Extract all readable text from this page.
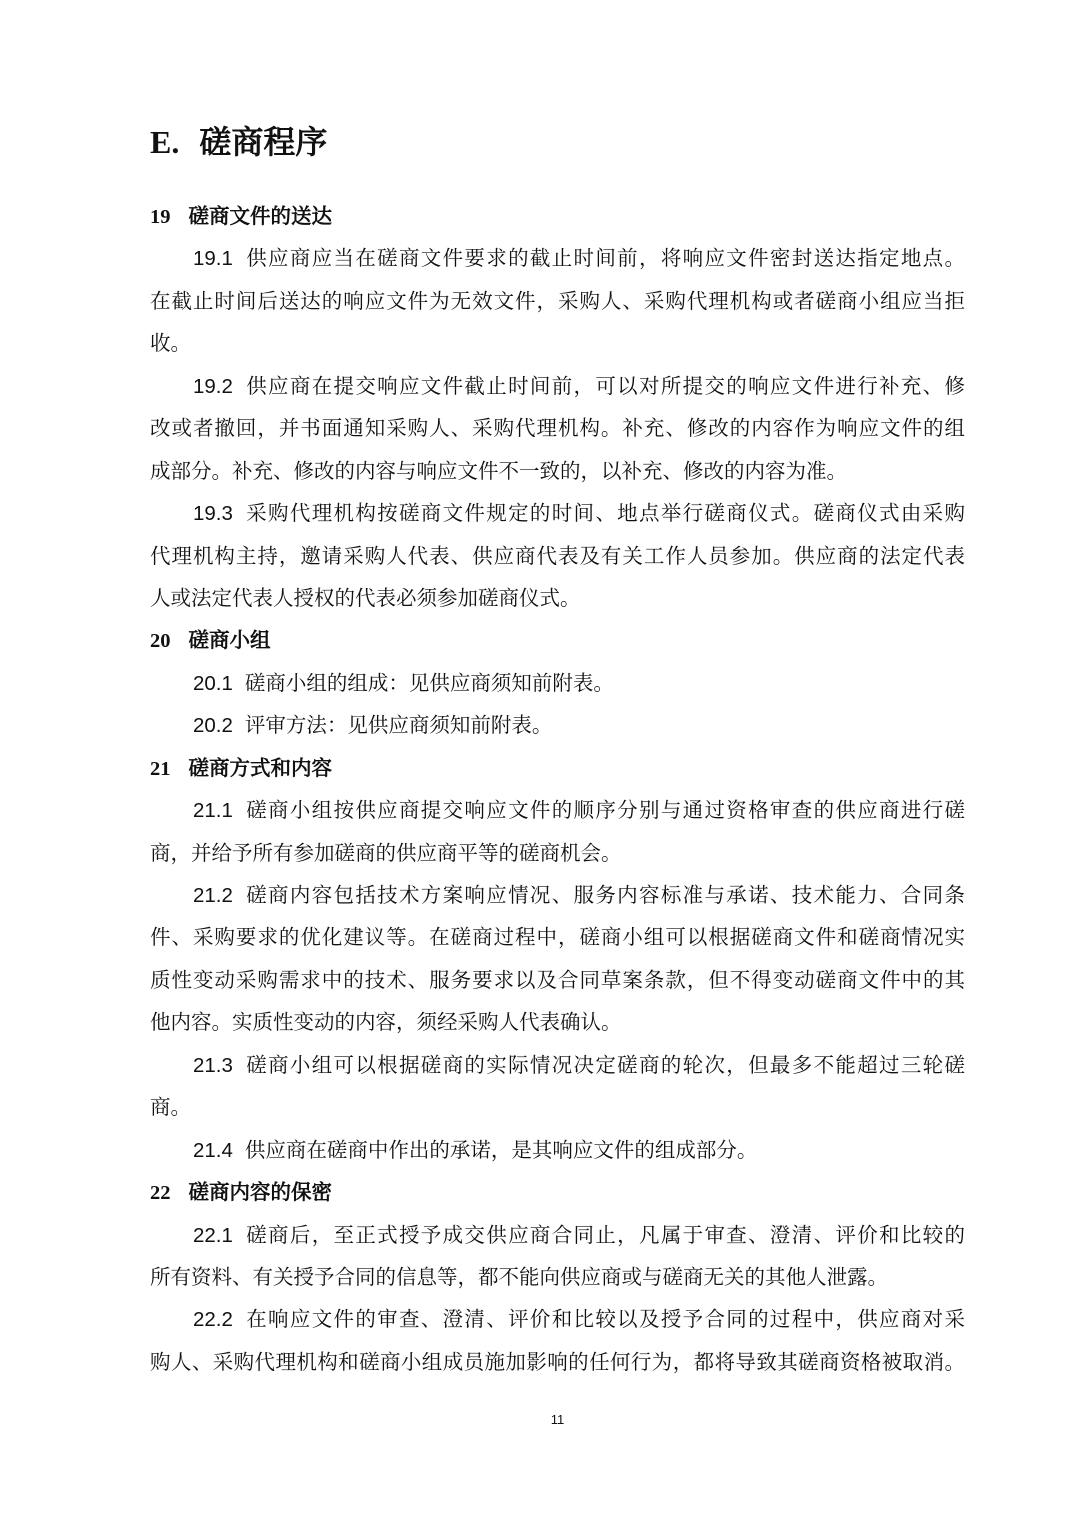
E. 磋商程序
19 磋商文件的送达
19.1 供应商应当在磋商文件要求的截止时间前，将响应文件密封送达指定地点。
在截止时间后送达的响应文件为无效文件，采购人、采购代理机构或者磋商小组应当拒
收。
19.2 供应商在提交响应文件截止时间前，可以对所提交的响应文件进行补充、修
改或者撤回，并书面通知采购人、采购代理机构。补充、修改的内容作为响应文件的组
成部分。补充、修改的内容与响应文件不一致的，以补充、修改的内容为准。
19.3 采购代理机构按磋商文件规定的时间、地点举行磋商仪式。磋商仪式由采购
代理机构主持，邀请采购人代表、供应商代表及有关工作人员参加。供应商的法定代表
人或法定代表人授权的代表必须参加磋商仪式。
20 磋商小组
20.1 磋商小组的组成：见供应商须知前附表。
20.2 评审方法：见供应商须知前附表。
21 磋商方式和内容
21.1 磋商小组按供应商提交响应文件的顺序分别与通过资格审查的供应商进行磋
商，并给予所有参加磋商的供应商平等的磋商机会。
21.2 磋商内容包括技术方案响应情况、服务内容标准与承诺、技术能力、合同条
件、采购要求的优化建议等。在磋商过程中，磋商小组可以根据磋商文件和磋商情况实
质性变动采购需求中的技术、服务要求以及合同草案条款，但不得变动磋商文件中的其
他内容。实质性变动的内容，须经采购人代表确认。
21.3 磋商小组可以根据磋商的实际情况决定磋商的轮次，但最多不能超过三轮磋
商。
21.4 供应商在磋商中作出的承诺，是其响应文件的组成部分。
22 磋商内容的保密
22.1 磋商后，至正式授予成交供应商合同止，凡属于审查、澄清、评价和比较的
所有资料、有关授予合同的信息等，都不能向供应商或与磋商无关的其他人泄露。
22.2 在响应文件的审查、澄清、评价和比较以及授予合同的过程中，供应商对采
购人、采购代理机构和磋商小组成员施加影响的任何行为，都将导致其磋商资格被取消。
11
